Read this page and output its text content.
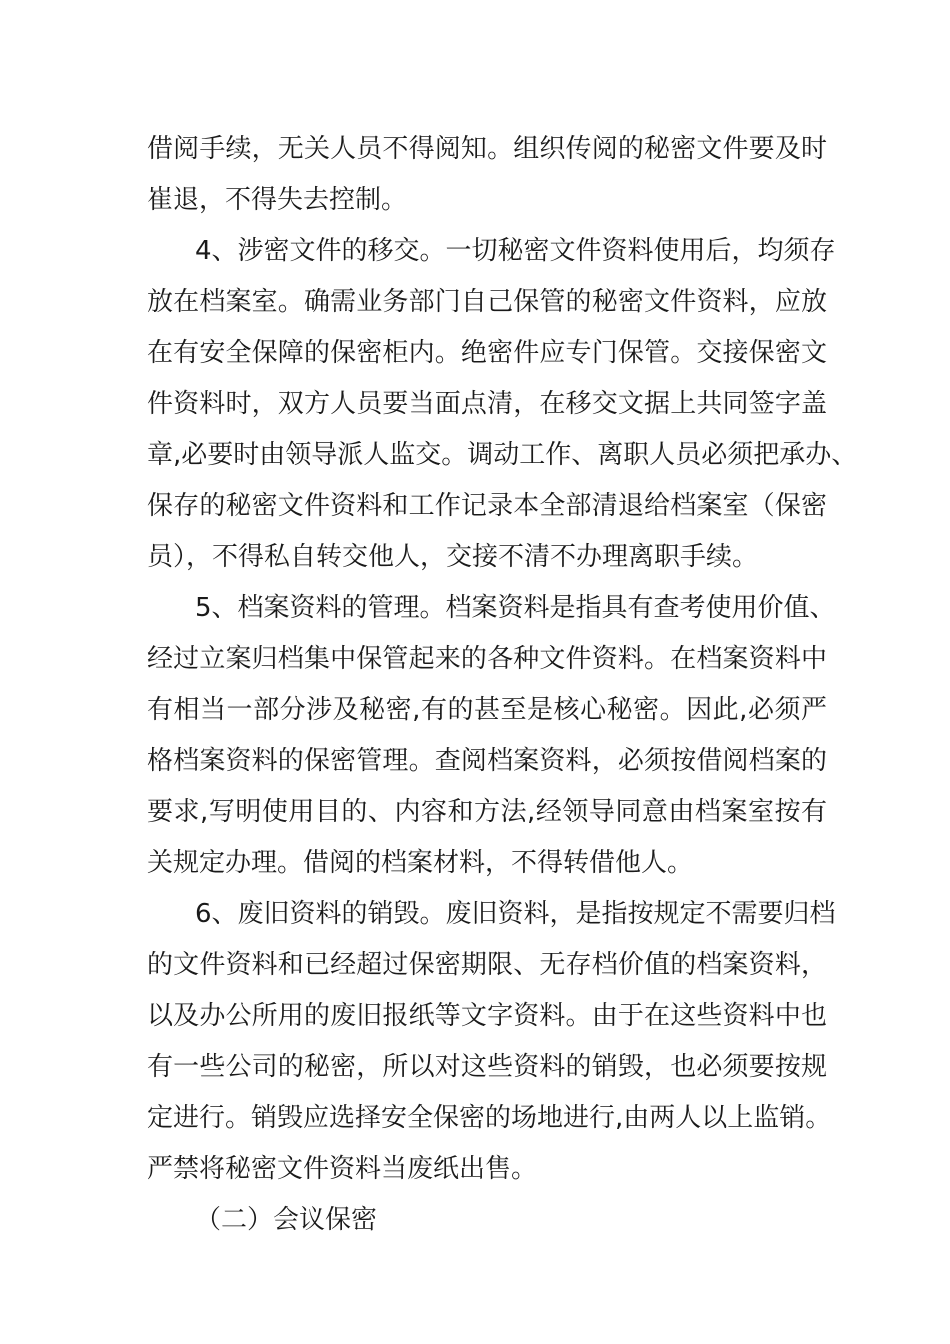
借阅手续，无关人员不得阅知。组织传阅的秘密文件要及时
崔退，不得失去控制。
4、涉密文件的移交。一切秘密文件资料使用后，均须存
放在档案室。确需业务部门自己保管的秘密文件资料，应放
在有安全保障的保密柜内。绝密件应专门保管。交接保密文
件资料时，双方人员要当面点清，在移交文据上共同签字盖
章,必要时由领导派人监交。调动工作、离职人员必须把承办、
保存的秘密文件资料和工作记录本全部清退给档案室（保密
员），不得私自转交他人，交接不清不办理离职手续。
5、档案资料的管理。档案资料是指具有查考使用价值、
经过立案归档集中保管起来的各种文件资料。在档案资料中
有相当一部分涉及秘密,有的甚至是核心秘密。因此,必须严
格档案资料的保密管理。查阅档案资料，必须按借阅档案的
要求,写明使用目的、内容和方法,经领导同意由档案室按有
关规定办理。借阅的档案材料，不得转借他人。
6、废旧资料的销毁。废旧资料，是指按规定不需要归档
的文件资料和已经超过保密期限、无存档价值的档案资料，
以及办公所用的废旧报纸等文字资料。由于在这些资料中也
有一些公司的秘密，所以对这些资料的销毁，也必须要按规
定进行。销毁应选择安全保密的场地进行,由两人以上监销。
严禁将秘密文件资料当废纸出售。
（二）会议保密
